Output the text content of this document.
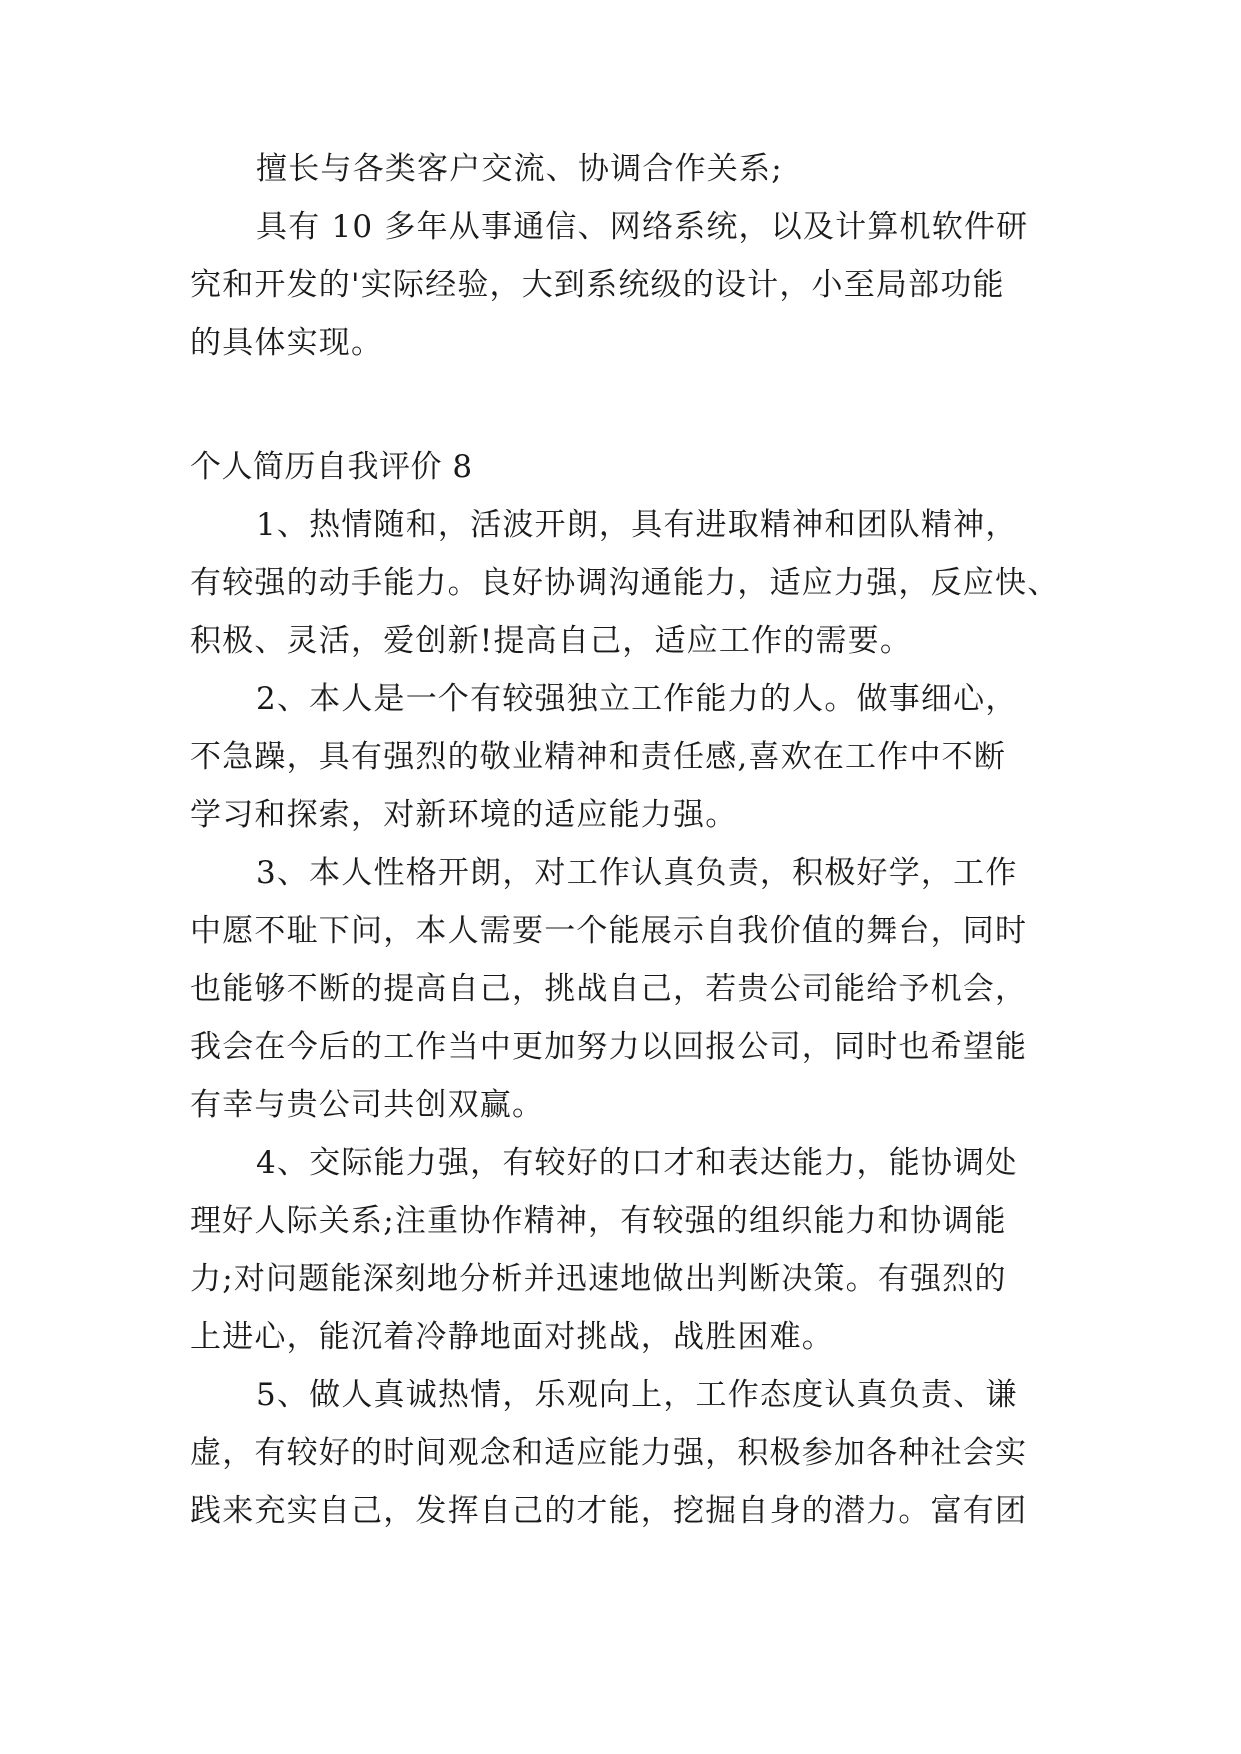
擅长与各类客户交流、协调合作关系;
具有 10 多年从事通信、网络系统，以及计算机软件研
究和开发的'实际经验，大到系统级的设计，小至局部功能
的具体实现。
个人简历自我评价 8
1、热情随和，活波开朗，具有进取精神和团队精神，
有较强的动手能力。良好协调沟通能力，适应力强，反应快、
积极、灵活，爱创新!提高自己，适应工作的需要。
2、本人是一个有较强独立工作能力的人。做事细心，
不急躁，具有强烈的敬业精神和责任感,喜欢在工作中不断
学习和探索，对新环境的适应能力强。
3、本人性格开朗，对工作认真负责，积极好学，工作
中愿不耻下问，本人需要一个能展示自我价值的舞台，同时
也能够不断的提高自己，挑战自己，若贵公司能给予机会，
我会在今后的工作当中更加努力以回报公司，同时也希望能
有幸与贵公司共创双赢。
4、交际能力强，有较好的口才和表达能力，能协调处
理好人际关系;注重协作精神，有较强的组织能力和协调能
力;对问题能深刻地分析并迅速地做出判断决策。有强烈的
上进心，能沉着冷静地面对挑战，战胜困难。
5、做人真诚热情，乐观向上，工作态度认真负责、谦
虚，有较好的时间观念和适应能力强，积极参加各种社会实
践来充实自己，发挥自己的才能，挖掘自身的潜力。富有团
